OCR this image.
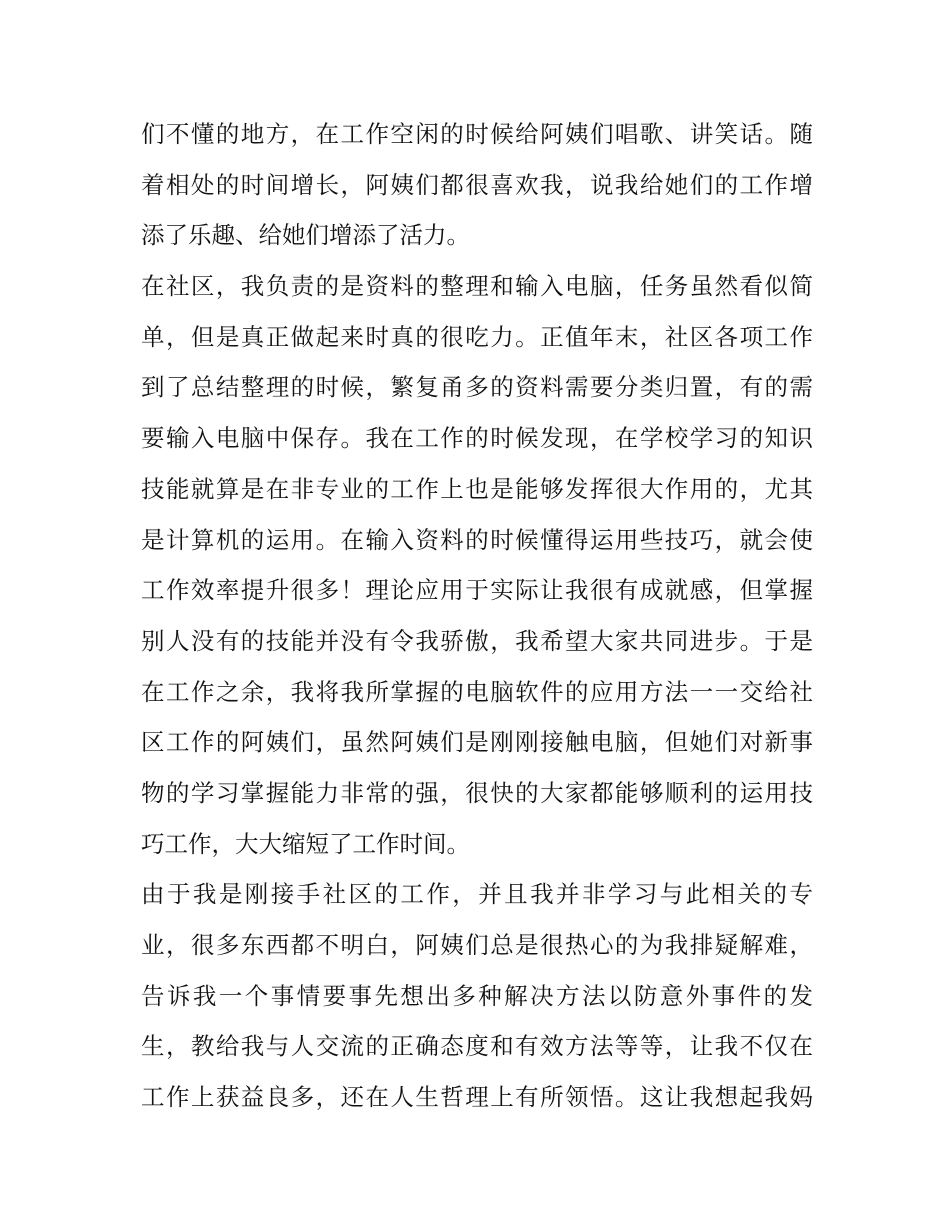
们不懂的地方，在工作空闲的时候给阿姨们唱歌、讲笑话。随
着相处的时间增长，阿姨们都很喜欢我，说我给她们的工作增
添了乐趣、给她们增添了活力。
在社区，我负责的是资料的整理和输入电脑，任务虽然看似简
单，但是真正做起来时真的很吃力。正值年末，社区各项工作
到了总结整理的时候，繁复甬多的资料需要分类归置，有的需
要输入电脑中保存。我在工作的时候发现，在学校学习的知识
技能就算是在非专业的工作上也是能够发挥很大作用的，尤其
是计算机的运用。在输入资料的时候懂得运用些技巧，就会使
工作效率提升很多！理论应用于实际让我很有成就感，但掌握
别人没有的技能并没有令我骄傲，我希望大家共同进步。于是
在工作之余，我将我所掌握的电脑软件的应用方法一一交给社
区工作的阿姨们，虽然阿姨们是刚刚接触电脑，但她们对新事
物的学习掌握能力非常的强，很快的大家都能够顺利的运用技
巧工作，大大缩短了工作时间。
由于我是刚接手社区的工作，并且我并非学习与此相关的专
业，很多东西都不明白，阿姨们总是很热心的为我排疑解难，
告诉我一个事情要事先想出多种解决方法以防意外事件的发
生，教给我与人交流的正确态度和有效方法等等，让我不仅在
工作上获益良多，还在人生哲理上有所领悟。这让我想起我妈
